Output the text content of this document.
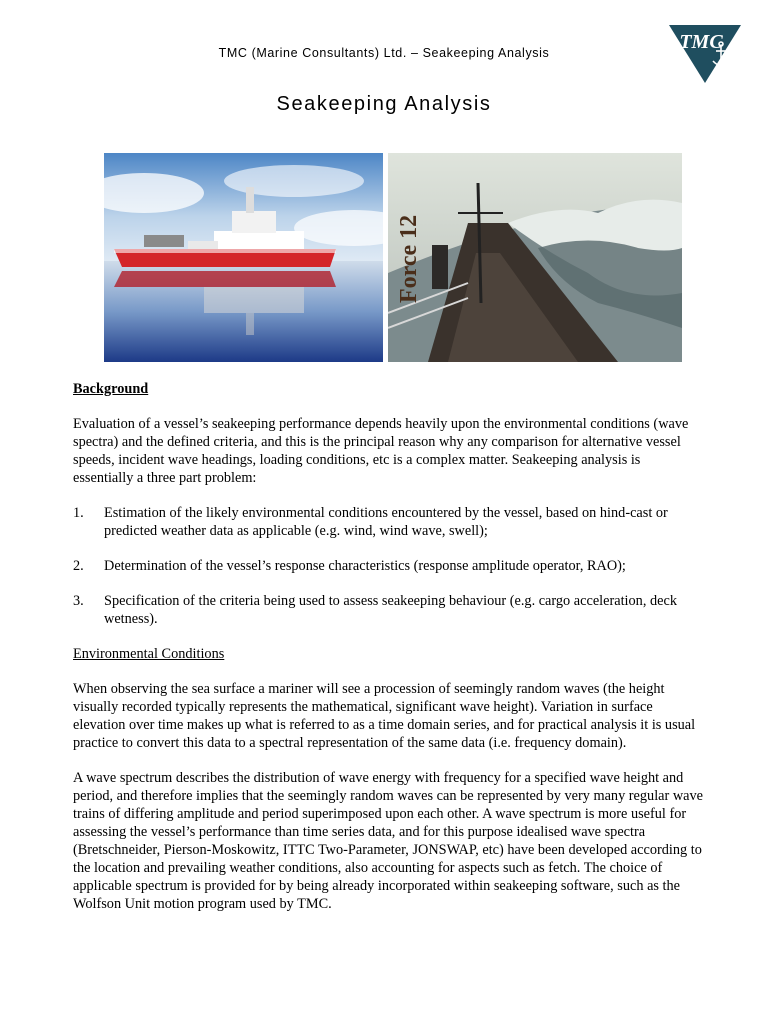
TMC (Marine Consultants) Ltd. – Seakeeping Analysis	TMC
Seakeeping Analysis
Force 12
Background

Evaluation of a vessel’s seakeeping performance depends heavily upon the environmental conditions (wave spectra) and the defined criteria, and this is the principal reason why any comparison for alternative vessel speeds, incident wave headings, loading conditions, etc is a complex matter. Seakeeping analysis is essentially a three part problem:

1.	Estimation of the likely environmental conditions encountered by the vessel, based on hind-cast or predicted weather data as applicable (e.g. wind, wind wave, swell);
2.	Determination of the vessel’s response characteristics (response amplitude operator, RAO);
3.	Specification of the criteria being used to assess seakeeping behaviour (e.g. cargo acceleration, deck wetness).
Environmental Conditions

When observing the sea surface a mariner will see a procession of seemingly random waves (the height visually recorded typically represents the mathematical, significant wave height). Variation in surface elevation over time makes up what is referred to as a time domain series, and for practical analysis it is usual practice to convert this data to a spectral representation of the same data (i.e. frequency domain).

A wave spectrum describes the distribution of wave energy with frequency for a specified wave height and period, and therefore implies that the seemingly random waves can be represented by very many regular wave trains of differing amplitude and period superimposed upon each other. A wave spectrum is more useful for assessing the vessel’s performance than time series data, and for this purpose idealised wave spectra (Bretschneider, Pierson-Moskowitz, ITTC Two-Parameter, JONSWAP, etc) have been developed according to the location and prevailing weather conditions, also accounting for aspects such as fetch. The choice of applicable spectrum is provided for by being already incorporated within seakeeping software, such as the Wolfson Unit motion program used by TMC.
